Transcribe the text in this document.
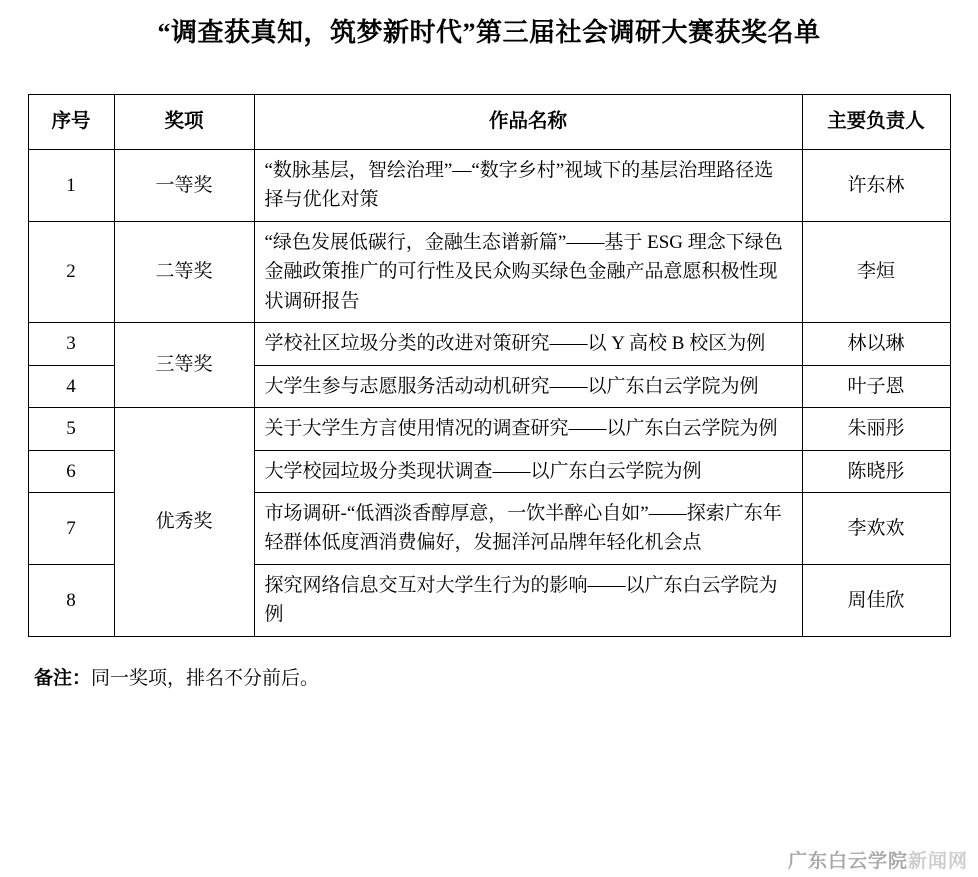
“调查获真知，筑梦新时代”第三届社会调研大赛获奖名单
序号	奖项	作品名称	主要负责人
1	一等奖	“数脉基层，智绘治理”—“数字乡村”视域下的基层治理路径选择与优化对策	许东林
2	二等奖	“绿色发展低碳行，金融生态谱新篇”——基于 ESG 理念下绿色金融政策推广的可行性及民众购买绿色金融产品意愿积极性现状调研报告	李烜
3	三等奖	学校社区垃圾分类的改进对策研究——以 Y 高校 B 校区为例	林以琳
4		大学生参与志愿服务活动动机研究——以广东白云学院为例	叶子恩
5	优秀奖	关于大学生方言使用情况的调查研究——以广东白云学院为例	朱丽彤
6		大学校园垃圾分类现状调查——以广东白云学院为例	陈晓彤
7		市场调研-“低酒淡香醇厚意，一饮半醉心自如”——探索广东年轻群体低度酒消费偏好，发掘洋河品牌年轻化机会点	李欢欢
8		探究网络信息交互对大学生行为的影响——以广东白云学院为例	周佳欣
备注：同一奖项，排名不分前后。
广东白云学院新闻网
